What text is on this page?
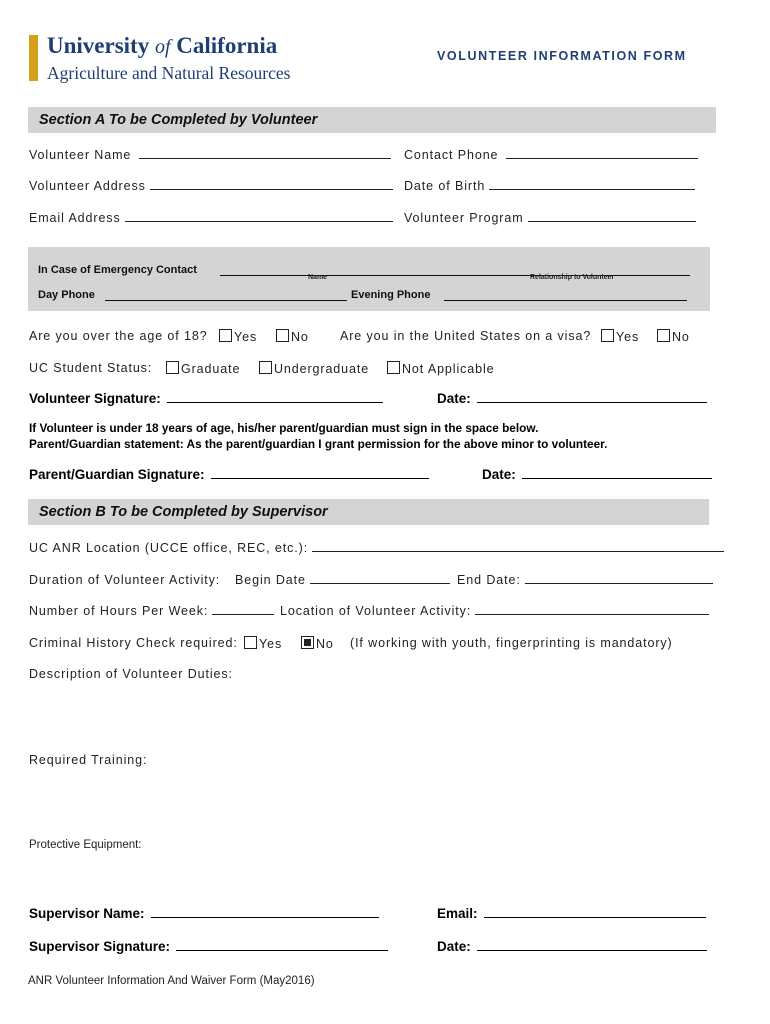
University of California
Agriculture and Natural Resources
VOLUNTEER INFORMATION FORM
Section A To be Completed by Volunteer
Volunteer Name	Contact Phone
Volunteer Address	Date of Birth
Email Address	Volunteer Program
In Case of Emergency Contact
Name	Relationship to Volunteer
Day Phone	Evening Phone
Are you over the age of 18?	Yes	No Are you in the United States on a visa?	Yes	No
UC Student Status:	Graduate	Undergraduate	Not Applicable
Volunteer Signature:	Date:
If Volunteer is under 18 years of age, his/her parent/guardian must sign in the space below.
Parent/Guardian statement: As the parent/guardian I grant permission for the above minor to volunteer.
Parent/Guardian Signature:	Date:
Section B To be Completed by Supervisor
UC ANR Location (UCCE office, REC, etc.):
Duration of Volunteer Activity: Begin Date	End Date:
Number of Hours Per Week:	Location of Volunteer Activity:
Criminal History Check required:	Yes	No (If working with youth, fingerprinting is mandatory)
Description of Volunteer Duties:
Required Training:
Protective Equipment:
Supervisor Name:	Email:
Supervisor Signature:	Date:
ANR Volunteer Information And Waiver Form (May2016)
